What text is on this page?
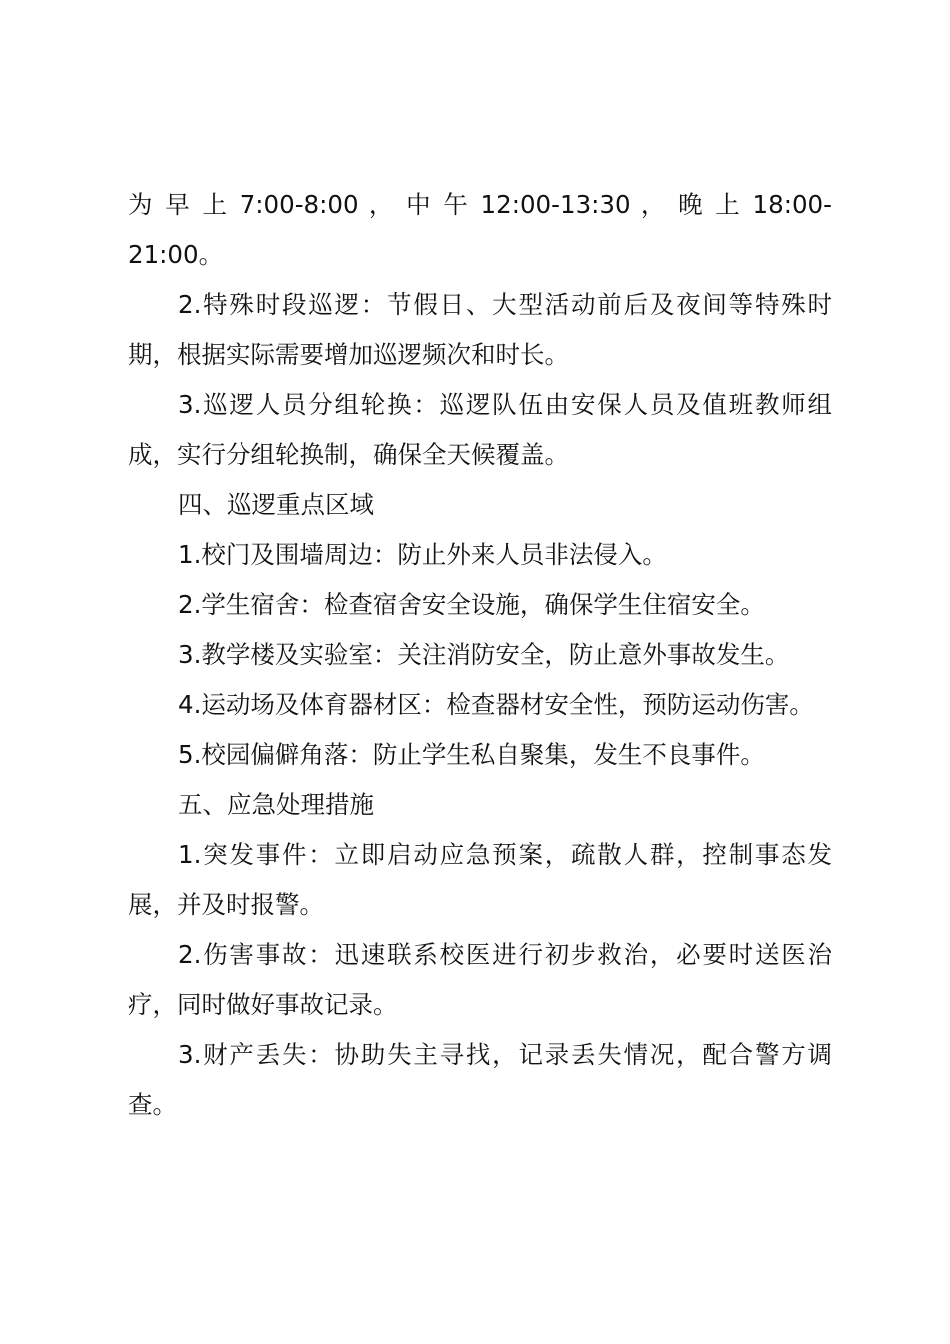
为 早 上 7:00-8:00 ， 中 午 12:00-13:30 ， 晚 上 18:00-

21:00。

2.特殊时段巡逻：节假日、大型活动前后及夜间等特殊时期，根据实际需要增加巡逻频次和时长。

3.巡逻人员分组轮换：巡逻队伍由安保人员及值班教师组成，实行分组轮换制，确保全天候覆盖。

四、巡逻重点区域

1.校门及围墙周边：防止外来人员非法侵入。

2.学生宿舍：检查宿舍安全设施，确保学生住宿安全。

3.教学楼及实验室：关注消防安全，防止意外事故发生。

4.运动场及体育器材区：检查器材安全性，预防运动伤害。

5.校园偏僻角落：防止学生私自聚集，发生不良事件。

五、应急处理措施

1.突发事件：立即启动应急预案，疏散人群，控制事态发展，并及时报警。

2.伤害事故：迅速联系校医进行初步救治，必要时送医治疗，同时做好事故记录。

3.财产丢失：协助失主寻找，记录丢失情况，配合警方调查。
